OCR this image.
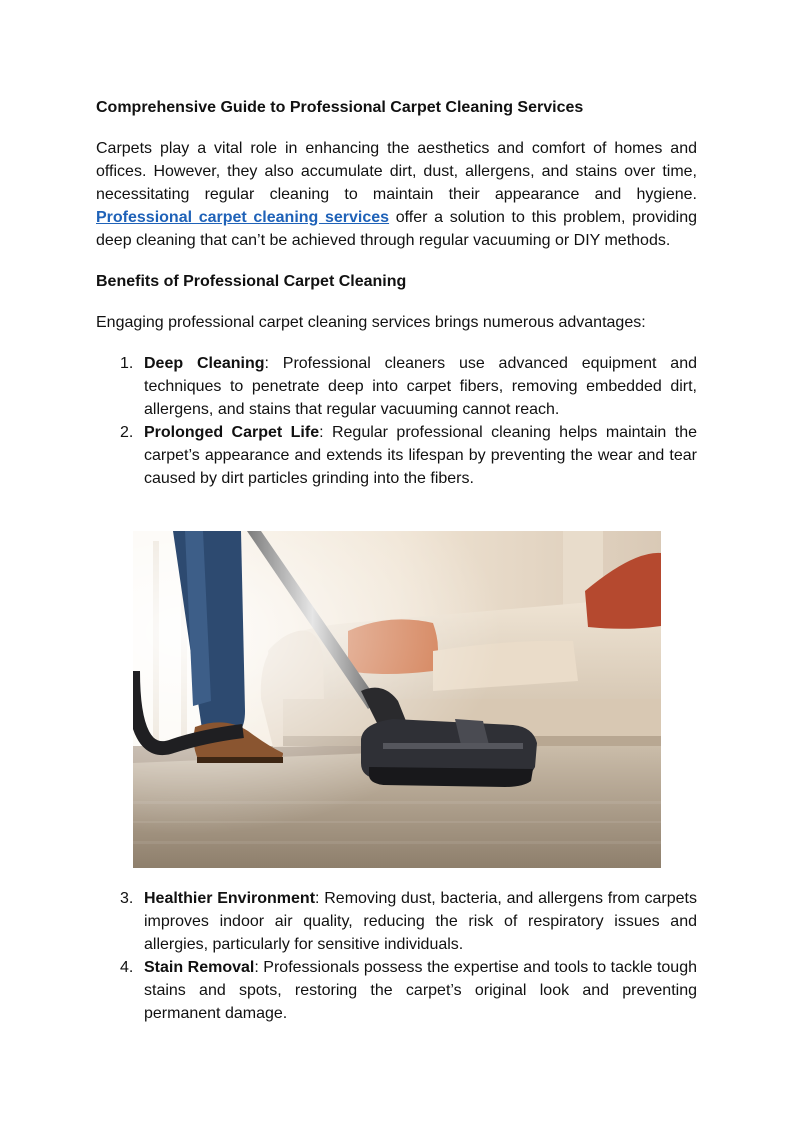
Comprehensive Guide to Professional Carpet Cleaning Services

Carpets play a vital role in enhancing the aesthetics and comfort of homes and offices. However, they also accumulate dirt, dust, allergens, and stains over time, necessitating regular cleaning to maintain their appearance and hygiene. Professional carpet cleaning services offer a solution to this problem, providing deep cleaning that can’t be achieved through regular vacuuming or DIY methods.

Benefits of Professional Carpet Cleaning

Engaging professional carpet cleaning services brings numerous advantages:

1. Deep Cleaning: Professional cleaners use advanced equipment and techniques to penetrate deep into carpet fibers, removing embedded dirt, allergens, and stains that regular vacuuming cannot reach.
2. Prolonged Carpet Life: Regular professional cleaning helps maintain the carpet’s appearance and extends its lifespan by preventing the wear and tear caused by dirt particles grinding into the fibers.
3. Healthier Environment: Removing dust, bacteria, and allergens from carpets improves indoor air quality, reducing the risk of respiratory issues and allergies, particularly for sensitive individuals.
4. Stain Removal: Professionals possess the expertise and tools to tackle tough stains and spots, restoring the carpet’s original look and preventing permanent damage.
